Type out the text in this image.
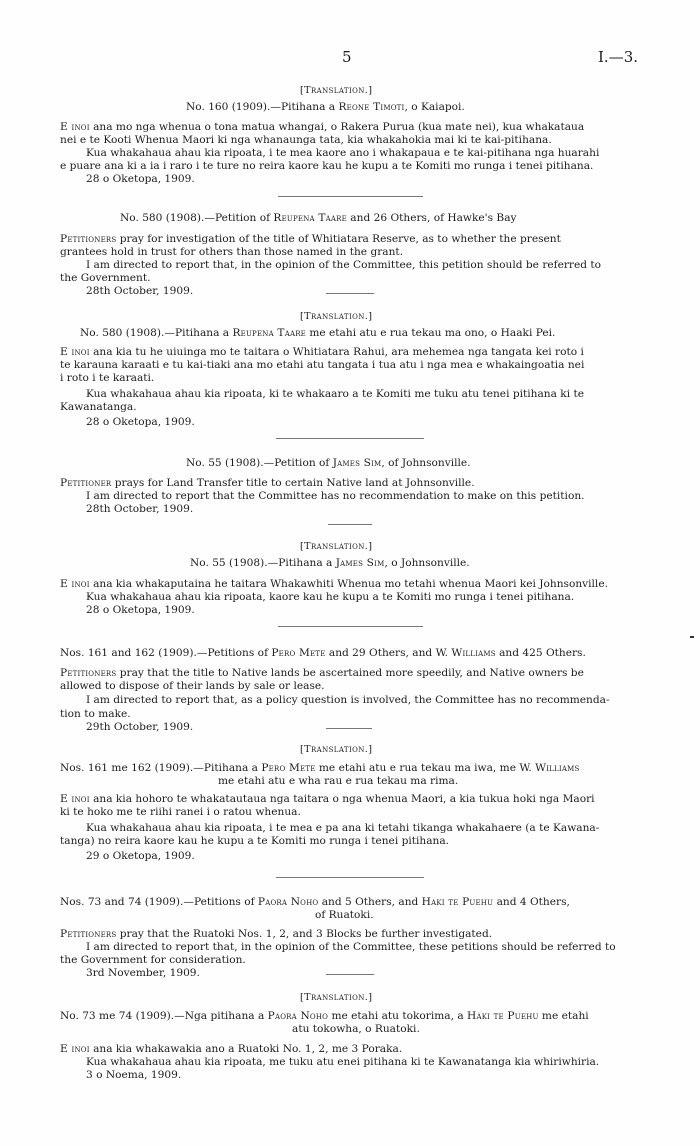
5	I.—3.
[Translation.]
No. 160 (1909).—Pitihana a Reone Timoti, o Kaiapoi.
E inoi ana mo nga whenua o tona matua whangai, o Rakera Purua (kua mate nei), kua whakataua
nei e te Kooti Whenua Maori ki nga whanaunga tata, kia whakahokia mai ki te kai-pitihana.
Kua whakahaua ahau kia ripoata, i te mea kaore ano i whakapaua e te kai-pitihana nga huarahi
e puare ana ki a ia i raro i te ture no reira kaore kau he kupu a te Komiti mo runga i tenei pitihana.
28 o Oketopa, 1909.
No. 580 (1908).—Petition of Reupena Taare and 26 Others, of Hawke's Bay
Petitioners pray for investigation of the title of Whitiatara Reserve, as to whether the present
grantees hold in trust for others than those named in the grant.
I am directed to report that, in the opinion of the Committee, this petition should be referred to
the Government.
28th October, 1909.
[Translation.]
No. 580 (1908).—Pitihana a Reupena Taare me etahi atu e rua tekau ma ono, o Haaki Pei.
E inoi ana kia tu he uiuinga mo te taitara o Whitiatara Rahui, ara mehemea nga tangata kei roto i
te karauna karaati e tu kai-tiaki ana mo etahi atu tangata i tua atu i nga mea e whakaingoatia nei
i roto i te karaati.
Kua whakahaua ahau kia ripoata, ki te whakaaro a te Komiti me tuku atu tenei pitihana ki te
Kawanatanga.
28 o Oketopa, 1909.
No. 55 (1908).—Petition of James Sim, of Johnsonville.
Petitioner prays for Land Transfer title to certain Native land at Johnsonville.
I am directed to report that the Committee has no recommendation to make on this petition.
28th October, 1909.
[Translation.]
No. 55 (1908).—Pitihana a James Sim, o Johnsonville.
E inoi ana kia whakaputaina he taitara Whakawhiti Whenua mo tetahi whenua Maori kei Johnsonville.
Kua whakahaua ahau kia ripoata, kaore kau he kupu a te Komiti mo runga i tenei pitihana.
28 o Oketopa, 1909.
Nos. 161 and 162 (1909).—Petitions of Pero Mete and 29 Others, and W. Williams and 425 Others.
Petitioners pray that the title to Native lands be ascertained more speedily, and Native owners be
allowed to dispose of their lands by sale or lease.
I am directed to report that, as a policy question is involved, the Committee has no recommenda-
tion to make.
29th October, 1909.
[Translation.]
Nos. 161 me 162 (1909).—Pitihana a Pero Mete me etahi atu e rua tekau ma iwa, me W. Williams
me etahi atu e wha rau e rua tekau ma rima.
E inoi ana kia hohoro te whakatautaua nga taitara o nga whenua Maori, a kia tukua hoki nga Maori
ki te hoko me te riihi ranei i o ratou whenua.
Kua whakahaua ahau kia ripoata, i te mea e pa ana ki tetahi tikanga whakahaere (a te Kawana-
tanga) no reira kaore kau he kupu a te Komiti mo runga i tenei pitihana.
29 o Oketopa, 1909.
Nos. 73 and 74 (1909).—Petitions of Paora Noho and 5 Others, and Haki te Puehu and 4 Others,
of Ruatoki.
Petitioners pray that the Ruatoki Nos. 1, 2, and 3 Blocks be further investigated.
I am directed to report that, in the opinion of the Committee, these petitions should be referred to
the Government for consideration.
3rd November, 1909.
[Translation.]
No. 73 me 74 (1909).—Nga pitihana a Paora Noho me etahi atu tokorima, a Haki te Puehu me etahi
atu tokowha, o Ruatoki.
E inoi ana kia whakawakia ano a Ruatoki No. 1, 2, me 3 Poraka.
Kua whakahaua ahau kia ripoata, me tuku atu enei pitihana ki te Kawanatanga kia whiriwhiria.
3 o Noema, 1909.
